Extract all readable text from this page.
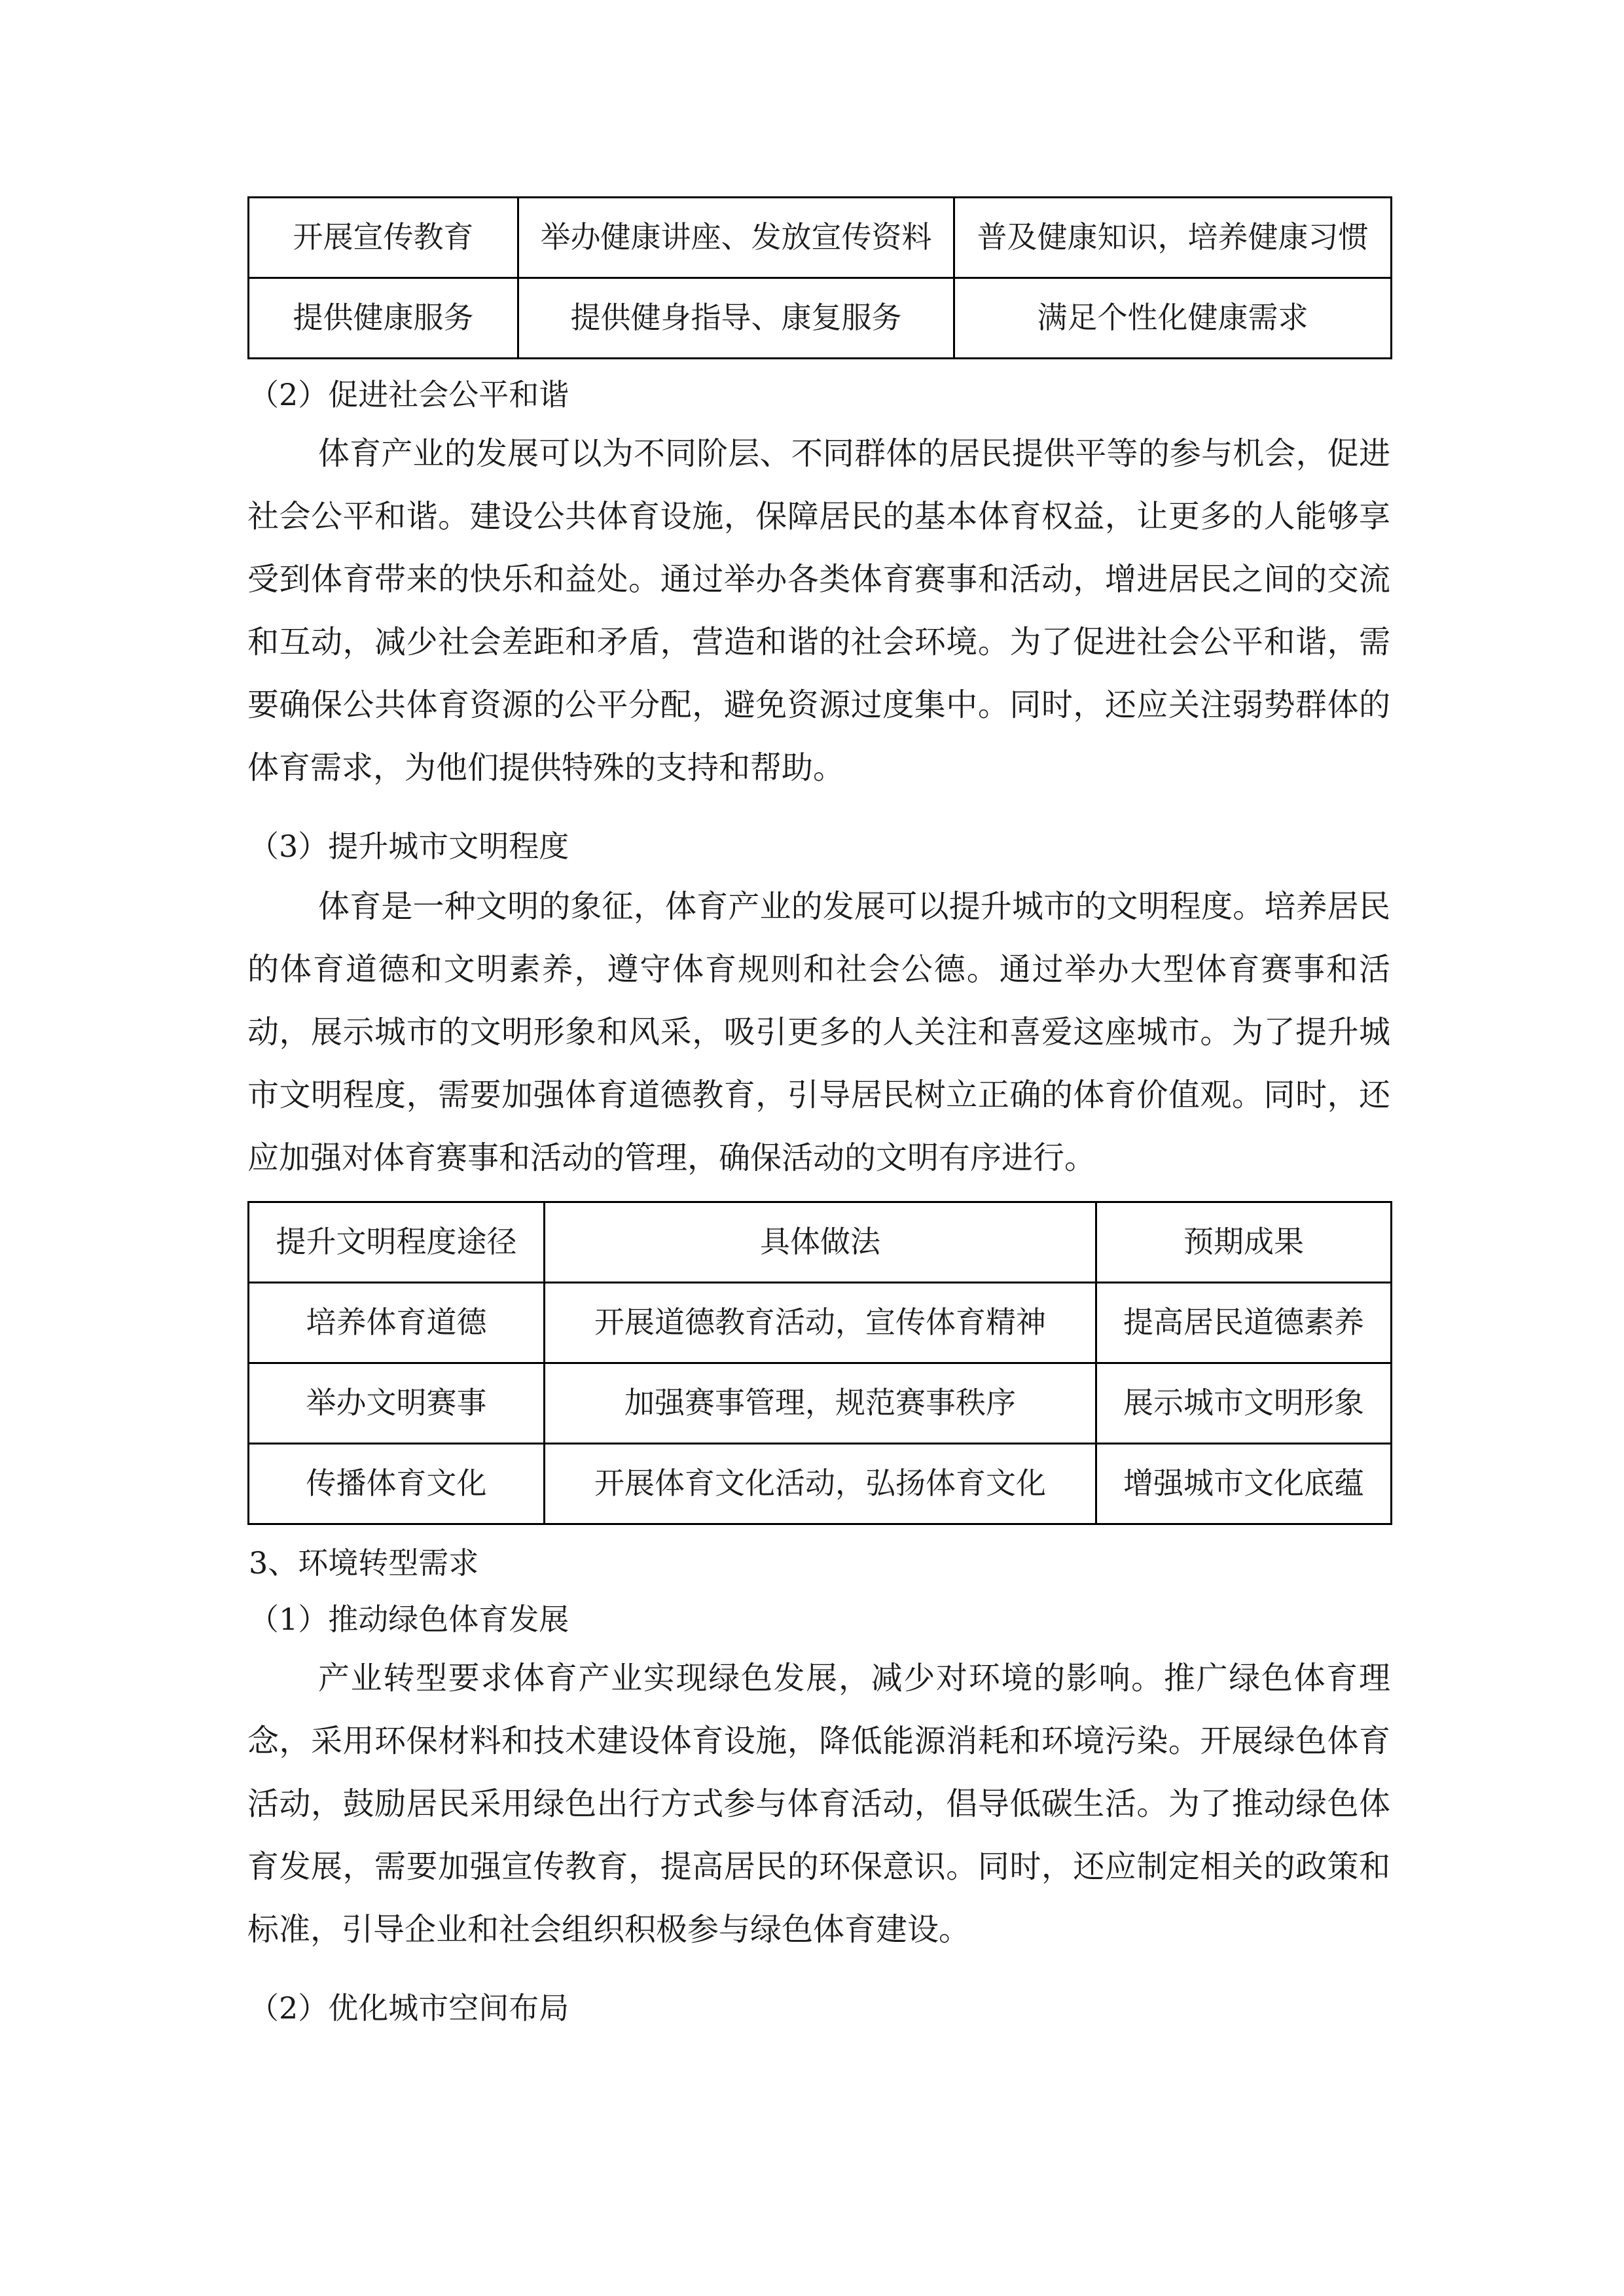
开展宣传教育	举办健康讲座、发放宣传资料	普及健康知识，培养健康习惯
提供健康服务	提供健身指导、康复服务	满足个性化健康需求

（2）促进社会公平和谐

体育产业的发展可以为不同阶层、不同群体的居民提供平等的参与机会，促进社会公平和谐。建设公共体育设施，保障居民的基本体育权益，让更多的人能够享受到体育带来的快乐和益处。通过举办各类体育赛事和活动，增进居民之间的交流和互动，减少社会差距和矛盾，营造和谐的社会环境。为了促进社会公平和谐，需要确保公共体育资源的公平分配，避免资源过度集中。同时，还应关注弱势群体的体育需求，为他们提供特殊的支持和帮助。

（3）提升城市文明程度

体育是一种文明的象征，体育产业的发展可以提升城市的文明程度。培养居民的体育道德和文明素养，遵守体育规则和社会公德。通过举办大型体育赛事和活动，展示城市的文明形象和风采，吸引更多的人关注和喜爱这座城市。为了提升城市文明程度，需要加强体育道德教育，引导居民树立正确的体育价值观。同时，还应加强对体育赛事和活动的管理，确保活动的文明有序进行。

提升文明程度途径	具体做法	预期成果
培养体育道德	开展道德教育活动，宣传体育精神	提高居民道德素养
举办文明赛事	加强赛事管理，规范赛事秩序	展示城市文明形象
传播体育文化	开展体育文化活动，弘扬体育文化	增强城市文化底蕴

3、环境转型需求

（1）推动绿色体育发展

产业转型要求体育产业实现绿色发展，减少对环境的影响。推广绿色体育理念，采用环保材料和技术建设体育设施，降低能源消耗和环境污染。开展绿色体育活动，鼓励居民采用绿色出行方式参与体育活动，倡导低碳生活。为了推动绿色体育发展，需要加强宣传教育，提高居民的环保意识。同时，还应制定相关的政策和标准，引导企业和社会组织积极参与绿色体育建设。

（2）优化城市空间布局
